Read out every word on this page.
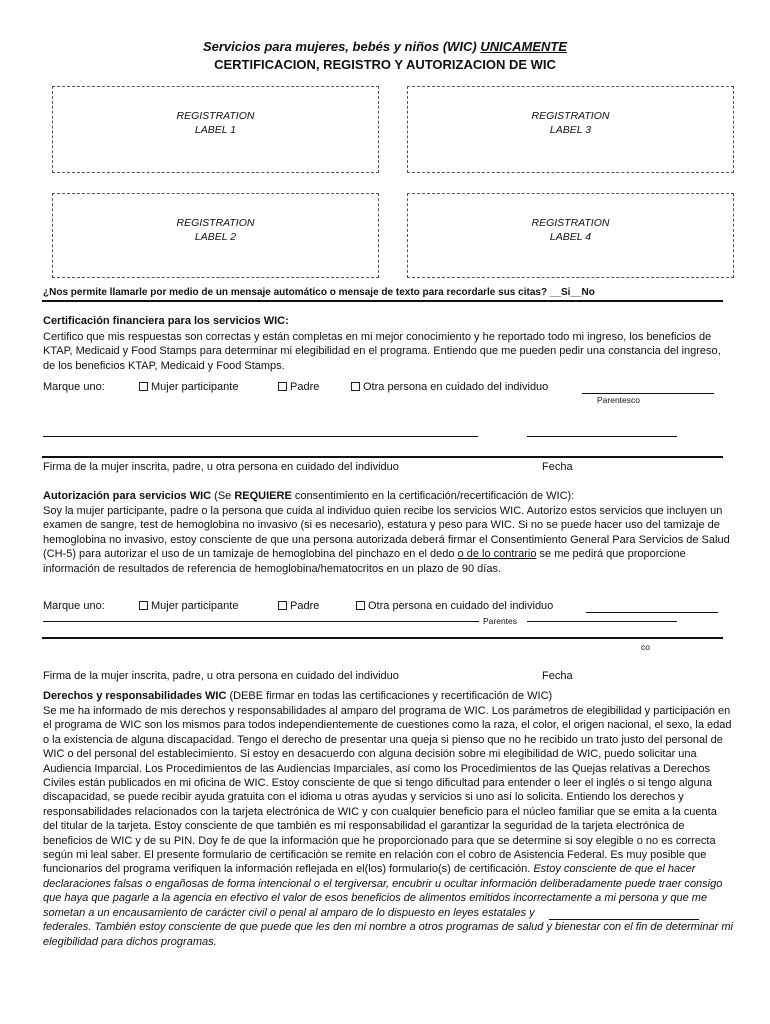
Servicios para mujeres, bebés y niños (WIC) UNICAMENTE
CERTIFICACION, REGISTRO Y AUTORIZACION DE WIC
REGISTRATION
LABEL 1
REGISTRATION
LABEL 3
REGISTRATION
LABEL 2
REGISTRATION
LABEL 4
¿Nos permite llamarle por medio de un mensaje automático o mensaje de texto para recordarle sus citas? __Si__No
Certificación financiera para los servicios WIC:
Certifico que mis respuestas son correctas y están completas en mi mejor conocimiento y he reportado todo mi ingreso, los beneficios de KTAP, Medicaid y Food Stamps para determinar mi elegibilidad en el programa. Entiendo que me pueden pedir una constancia del ingreso, de los beneficios KTAP, Medicaid y Food Stamps.
Marque uno:	Mujer participante	Padre	Otra persona en cuidado del individuo
Parentesco
Firma de la mujer inscrita, padre, u otra persona en cuidado del individuo	Fecha
Autorización para servicios WIC (Se REQUIERE consentimiento en la certificación/recertificación de WIC):
Soy la mujer participante, padre o la persona que cuida al individuo quien recibe los servicios WIC. Autorizo estos servicios que incluyen un examen de sangre, test de hemoglobina no invasivo (si es necesario), estatura y peso para WIC. Si no se puede hacer uso del tamizaje de hemoglobina no invasivo, estoy consciente de que una persona autorizada deberá firmar el Consentimiento General Para Servicios de Salud (CH-5) para autorizar el uso de un tamizaje de hemoglobina del pinchazo en el dedo o de lo contrario se me pedirá que proporcione información de resultados de referencia de hemoglobina/hematocritos en un plazo de 90 días.
Marque uno:	Mujer participante	Padre	Otra persona en cuidado del individuo
Parentes
co
Firma de la mujer inscrita, padre, u otra persona en cuidado del individuo	Fecha
Derechos y responsabilidades WIC (DEBE firmar en todas las certificaciones y recertificación de WIC)
Se me ha informado de mis derechos y responsabilidades al amparo del programa de WIC. Los parámetros de elegibilidad y participación en el programa de WIC son los mismos para todos independientemente de cuestiones como la raza, el color, el origen nacional, el sexo, la edad o la existencia de alguna discapacidad. Tengo el derecho de presentar una queja si pienso que no he recibido un trato justo del personal de WIC o del personal del establecimiento. Si estoy en desacuerdo con alguna decisión sobre mi elegibilidad de WIC, puedo solicitar una Audiencia Imparcial. Los Procedimientos de las Audiencias Imparciales, así como los Procedimientos de las Quejas relativas a Derechos Civiles están publicados en mi oficina de WIC. Estoy consciente de que si tengo dificultad para entender o leer el inglés o si tengo alguna discapacidad, se puede recibir ayuda gratuita con el idioma u otras ayudas y servicios si uno así lo solicita. Entiendo los derechos y responsabilidades relacionados con la tarjeta electrónica de WIC y con cualquier beneficio para el núcleo familiar que se emita a la cuenta del titular de la tarjeta. Estoy consciente de que también es mi responsabilidad el garantizar la seguridad de la tarjeta electrónica de beneficios de WIC y de su PIN. Doy fe de que la información que he proporcionado para que se determine si soy elegible o no es correcta según mi leal saber. El presente formulario de certificación se remite en relación con el cobro de Asistencia Federal. Es muy posible que funcionarios del programa verifiquen la información reflejada en el(los) formulario(s) de certificación. Estoy consciente de que el hacer declaraciones falsas o engañosas de forma intencional o el tergiversar, encubrir u ocultar información deliberadamente puede traer consigo que haya que pagarle a la agencia en efectivo el valor de esos beneficios de alimentos emitidos incorrectamente a mi persona y que me sometan a un encausamiento de carácter civil o penal al amparo de lo dispuesto en leyes estatales y federales. También estoy consciente de que puede que les den mi nombre a otros programas de salud y bienestar con el fin de determinar mi elegibilidad para dichos programas.
